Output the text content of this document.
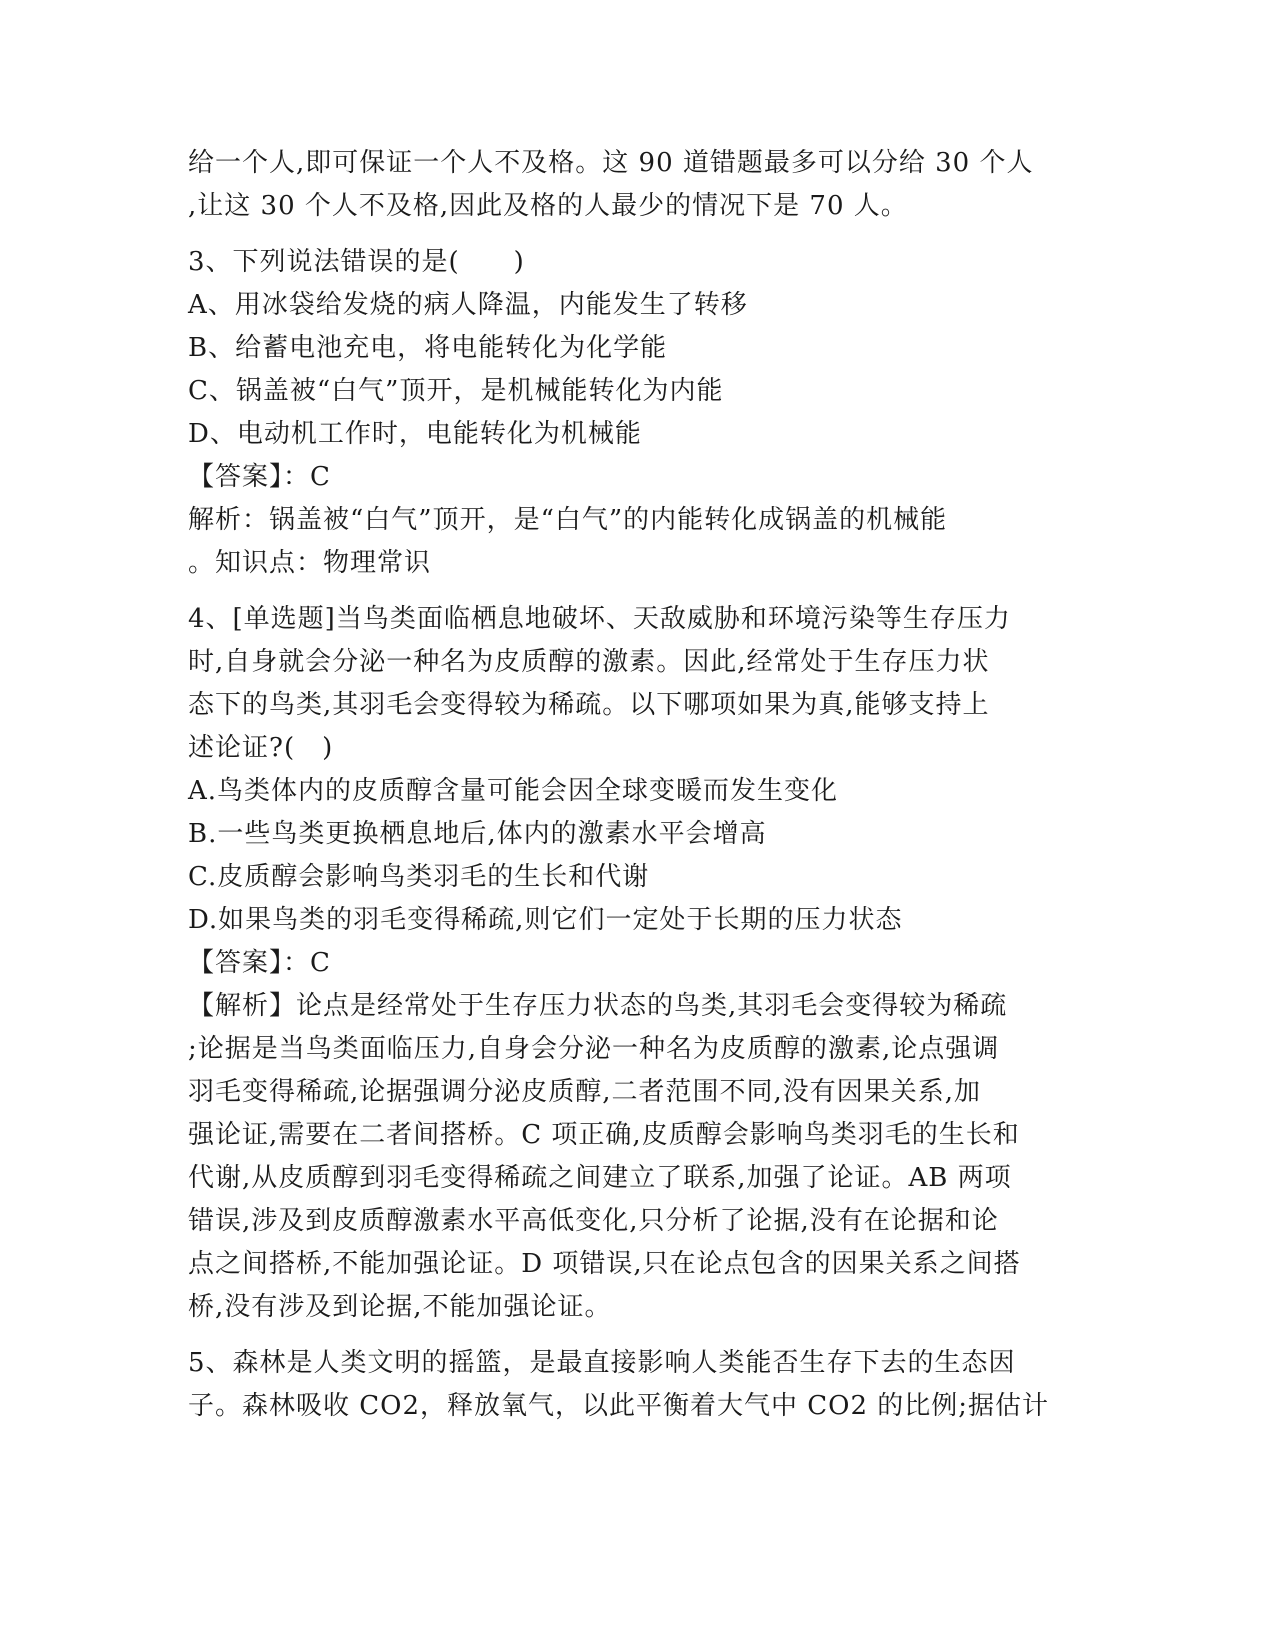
给一个人,即可保证一个人不及格。这 90 道错题最多可以分给 30 个人
,让这 30 个人不及格,因此及格的人最少的情况下是 70 人。
3、下列说法错误的是(　　)
A、用冰袋给发烧的病人降温，内能发生了转移
B、给蓄电池充电，将电能转化为化学能
C、锅盖被“白气”顶开，是机械能转化为内能
D、电动机工作时，电能转化为机械能
【答案】：C
解析：锅盖被“白气”顶开，是“白气”的内能转化成锅盖的机械能
。知识点：物理常识
4、[单选题]当鸟类面临栖息地破坏、天敌威胁和环境污染等生存压力
时,自身就会分泌一种名为皮质醇的激素。因此,经常处于生存压力状
态下的鸟类,其羽毛会变得较为稀疏。以下哪项如果为真,能够支持上
述论证?(　)
A.鸟类体内的皮质醇含量可能会因全球变暖而发生变化
B.一些鸟类更换栖息地后,体内的激素水平会增高
C.皮质醇会影响鸟类羽毛的生长和代谢
D.如果鸟类的羽毛变得稀疏,则它们一定处于长期的压力状态
【答案】：C
【解析】论点是经常处于生存压力状态的鸟类,其羽毛会变得较为稀疏
;论据是当鸟类面临压力,自身会分泌一种名为皮质醇的激素,论点强调
羽毛变得稀疏,论据强调分泌皮质醇,二者范围不同,没有因果关系,加
强论证,需要在二者间搭桥。C 项正确,皮质醇会影响鸟类羽毛的生长和
代谢,从皮质醇到羽毛变得稀疏之间建立了联系,加强了论证。AB 两项
错误,涉及到皮质醇激素水平高低变化,只分析了论据,没有在论据和论
点之间搭桥,不能加强论证。D 项错误,只在论点包含的因果关系之间搭
桥,没有涉及到论据,不能加强论证。
5、森林是人类文明的摇篮，是最直接影响人类能否生存下去的生态因
子。森林吸收 CO2，释放氧气，以此平衡着大气中 CO2 的比例;据估计
